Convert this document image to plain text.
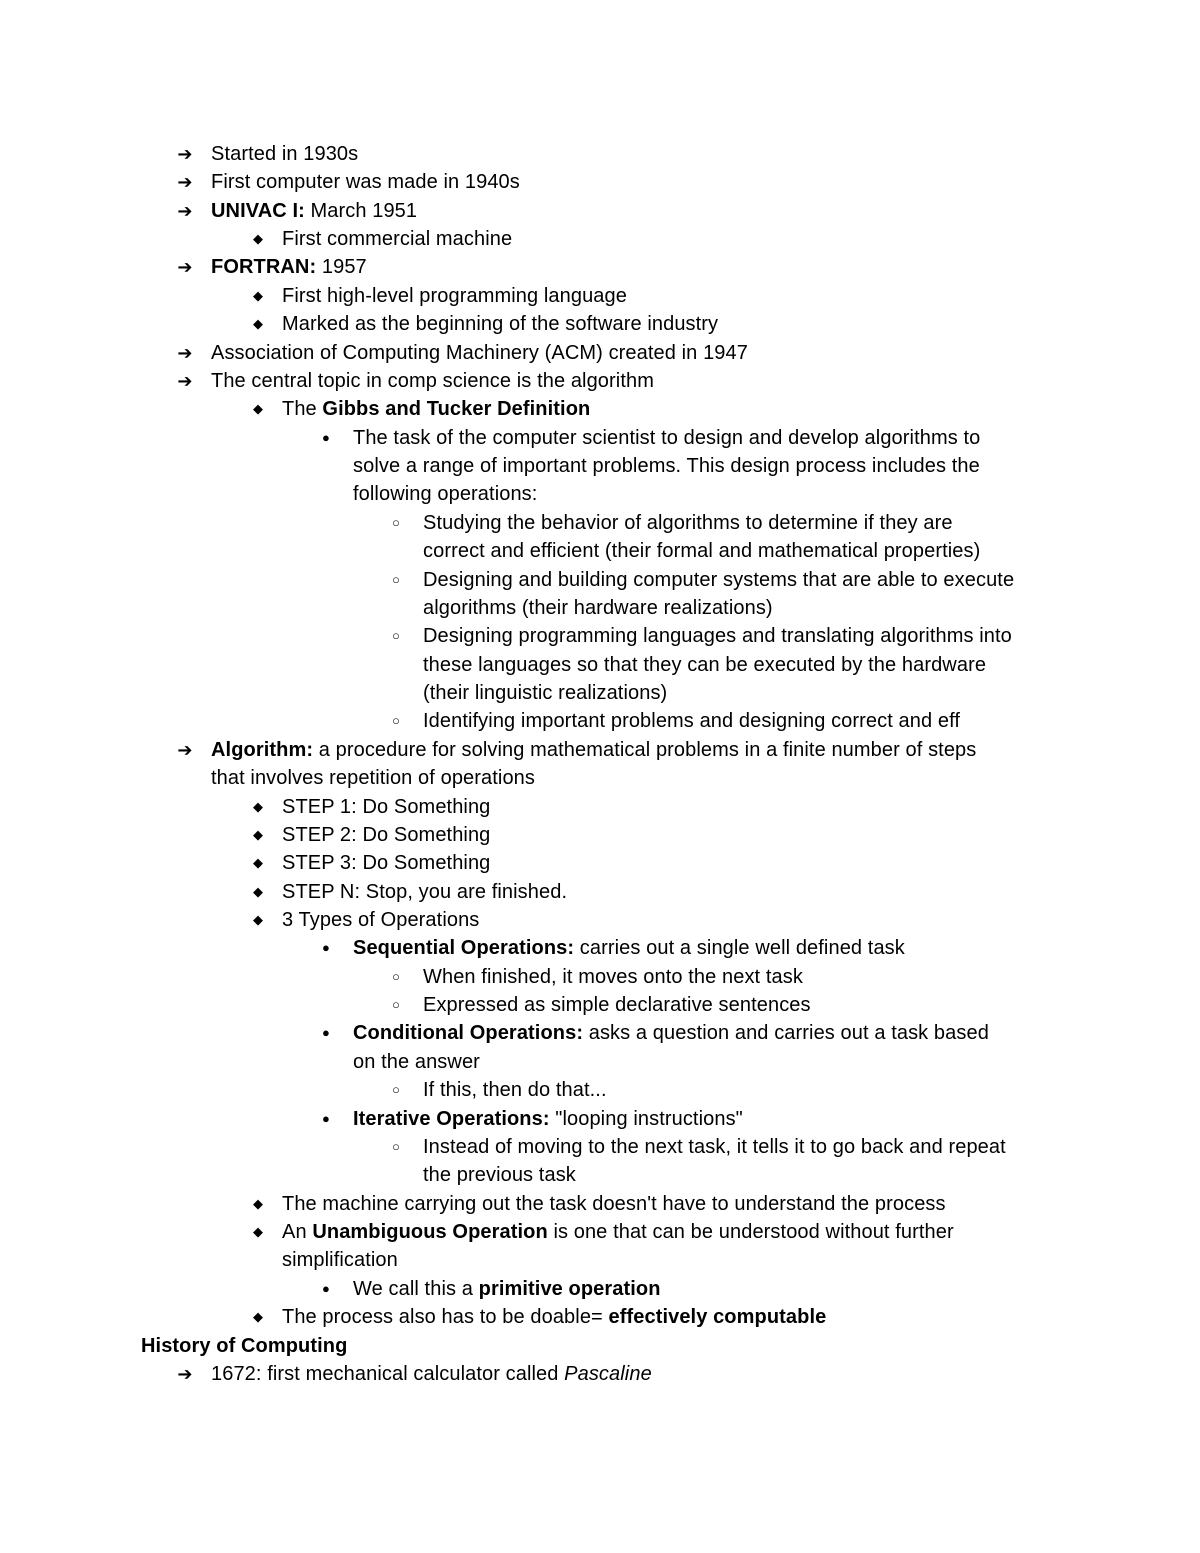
➔ Started in 1930s
➔ First computer was made in 1940s
➔ UNIVAC I: March 1951
◆ First commercial machine
➔ FORTRAN: 1957
◆ First high-level programming language
◆ Marked as the beginning of the software industry
➔ Association of Computing Machinery (ACM) created in 1947
➔ The central topic in comp science is the algorithm
◆ The Gibbs and Tucker Definition
●	The task of the computer scientist to design and develop algorithms to
solve a range of important problems. This design process includes the
following operations:
○	Studying the behavior of algorithms to determine if they are
correct and efficient (their formal and mathematical properties)
○	Designing and building computer systems that are able to execute
algorithms (their hardware realizations)
○	Designing programming languages and translating algorithms into
these languages so that they can be executed by the hardware
(their linguistic realizations)
○	Identifying important problems and designing correct and eff
➔ Algorithm: a procedure for solving mathematical problems in a finite number of steps
that involves repetition of operations
◆ STEP 1: Do Something
◆ STEP 2: Do Something
◆ STEP 3: Do Something
◆ STEP N: Stop, you are finished.
◆ 3 Types of Operations
●	Sequential Operations: carries out a single well defined task
○	When finished, it moves onto the next task
○	Expressed as simple declarative sentences
●	Conditional Operations: asks a question and carries out a task based
on the answer
○	If this, then do that...
●	Iterative Operations: "looping instructions"
○	Instead of moving to the next task, it tells it to go back and repeat
the previous task
◆ The machine carrying out the task doesn't have to understand the process
◆ An Unambiguous Operation is one that can be understood without further
simplification
●	We call this a primitive operation
◆ The process also has to be doable= effectively computable
History of Computing
➔ 1672: first mechanical calculator called Pascaline
